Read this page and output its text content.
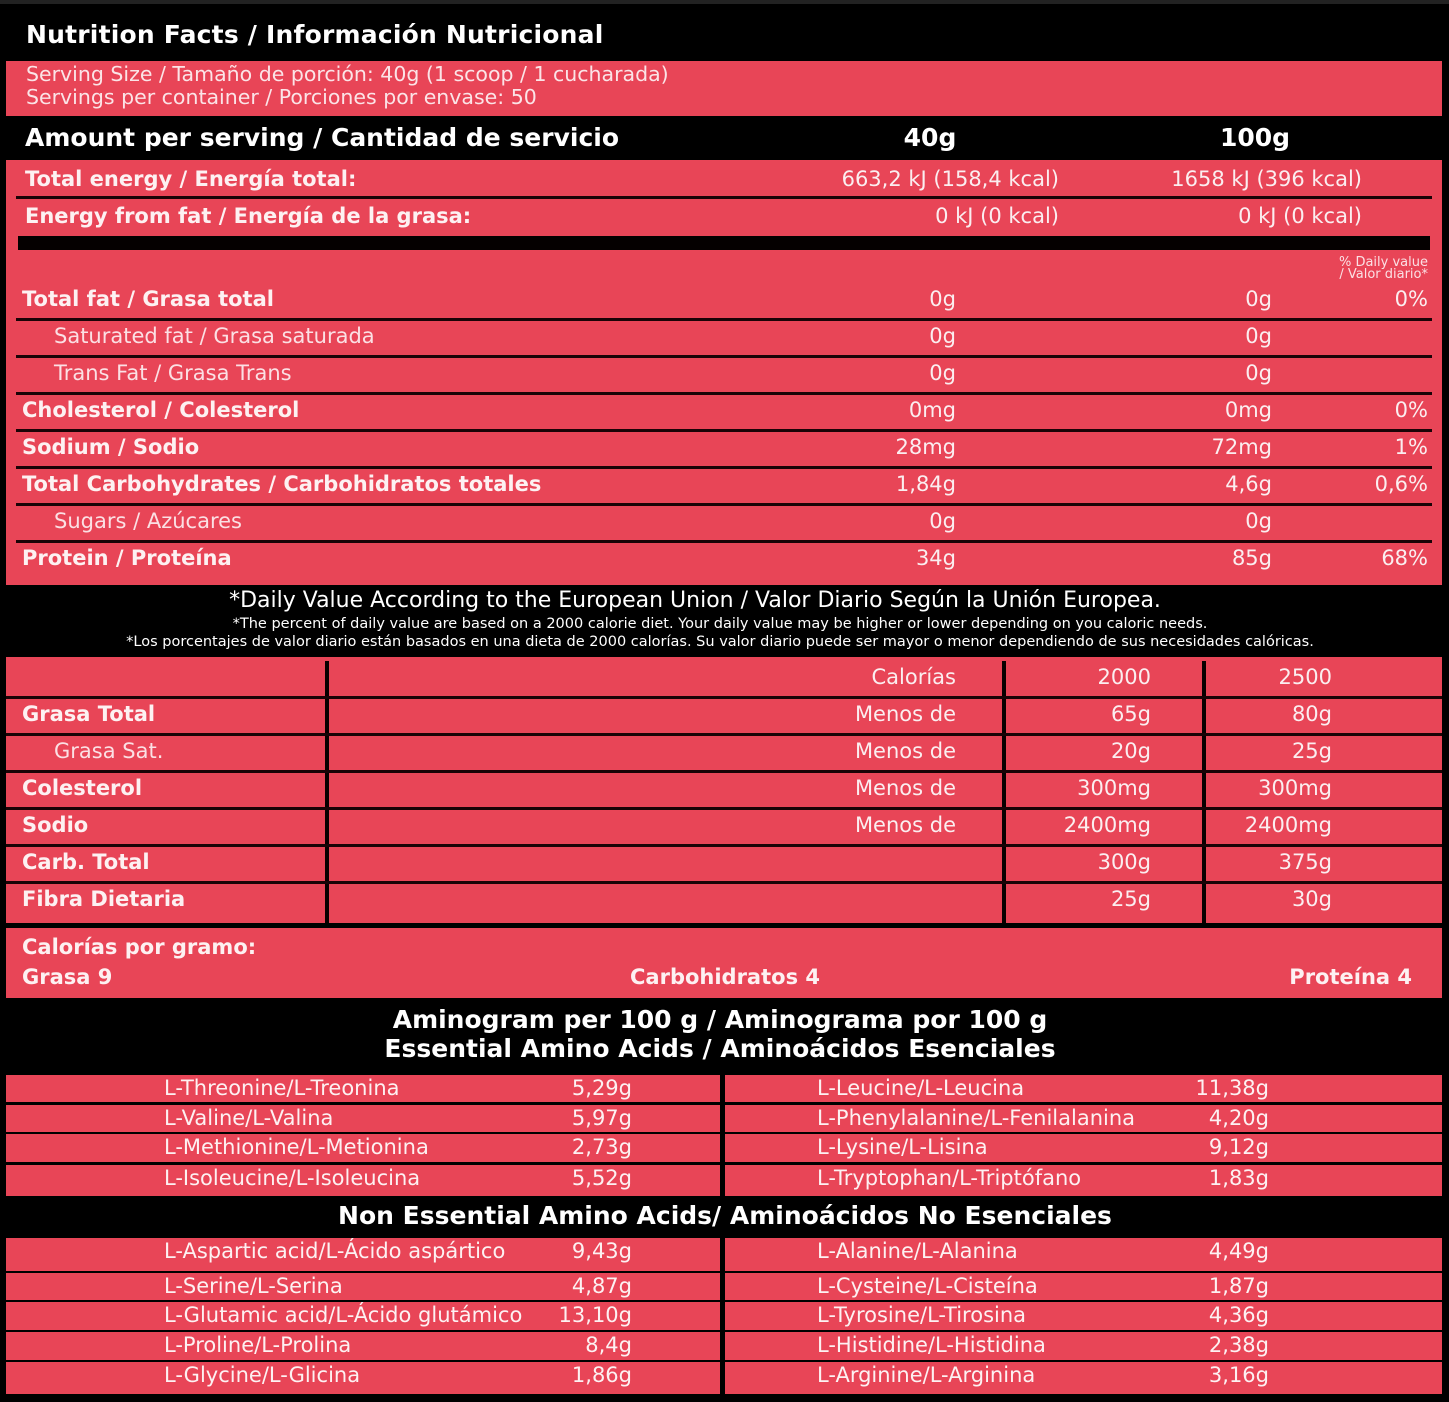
Nutrition Facts / Información Nutricional
Serving Size / Tamaño de porción: 40g (1 scoop / 1 cucharada)
Servings per container / Porciones por envase: 50
Amount per serving / Cantidad de servicio	40g	100g
Total energy / Energía total:	663,2 kJ (158,4 kcal)	1658 kJ (396 kcal)
Energy from fat / Energía de la grasa:	0 kJ (0 kcal)	0 kJ (0 kcal)
% Daily value
/ Valor diario*
Total fat / Grasa total	0g	0g	0%
Saturated fat / Grasa saturada	0g	0g
Trans Fat / Grasa Trans	0g	0g
Cholesterol / Colesterol	0mg	0mg	0%
Sodium / Sodio	28mg	72mg	1%
Total Carbohydrates / Carbohidratos totales	1,84g	4,6g	0,6%
Sugars / Azúcares	0g	0g
Protein / Proteína	34g	85g	68%
*Daily Value According to the European Union / Valor Diario Según la Unión Europea.
*The percent of daily value are based on a 2000 calorie diet. Your daily value may be higher or lower depending on you caloric needs.
*Los porcentajes de valor diario están basados en una dieta de 2000 calorías. Su valor diario puede ser mayor o menor dependiendo de sus necesidades calóricas.
Calorías	2000	2500
Grasa Total	Menos de	65g	80g
Grasa Sat.	Menos de	20g	25g
Colesterol	Menos de	300mg	300mg
Sodio	Menos de	2400mg	2400mg
Carb. Total	300g	375g
Fibra Dietaria	25g	30g
Calorías por gramo:
Grasa 9	Carbohidratos 4	Proteína 4
Aminogram per 100 g / Aminograma por 100 g
Essential Amino Acids / Aminoácidos Esenciales
L-Threonine/L-Treonina	5,29g
L-Valine/L-Valina	5,97g
L-Methionine/L-Metionina	2,73g
L-Isoleucine/L-Isoleucina	5,52g
L-Leucine/L-Leucina	11,38g
L-Phenylalanine/L-Fenilalanina	4,20g
L-Lysine/L-Lisina	9,12g
L-Tryptophan/L-Triptófano	1,83g
Non Essential Amino Acids/ Aminoácidos No Esenciales
L-Aspartic acid/L-Ácido aspártico	9,43g
L-Serine/L-Serina	4,87g
L-Glutamic acid/L-Ácido glutámico 13,10g
L-Proline/L-Prolina	8,4g
L-Glycine/L-Glicina	1,86g
L-Alanine/L-Alanina	4,49g
L-Cysteine/L-Cisteína	1,87g
L-Tyrosine/L-Tirosina	4,36g
L-Histidine/L-Histidina	2,38g
L-Arginine/L-Arginina	3,16g
